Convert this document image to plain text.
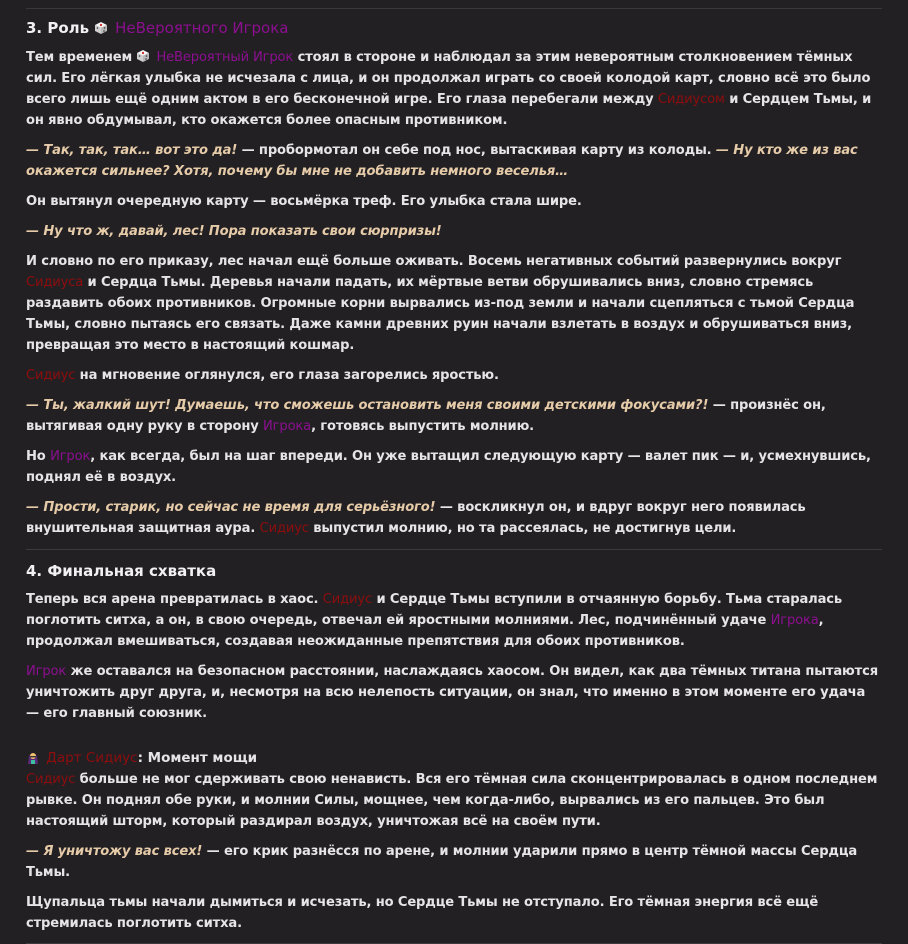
3. Роль  НеВероятного Игрока

Тем временем  НеВероятный Игрок стоял в стороне и наблюдал за этим невероятным столкновением тёмных сил. Его лёгкая улыбка не исчезала с лица, и он продолжал играть со своей колодой карт, словно всё это было всего лишь ещё одним актом в его бесконечной игре. Его глаза перебегали между Сидиусом и Сердцем Тьмы, и он явно обдумывал, кто окажется более опасным противником.

— Так, так, так… вот это да! — пробормотал он себе под нос, вытаскивая карту из колоды. — Ну кто же из вас окажется сильнее? Хотя, почему бы мне не добавить немного веселья…

Он вытянул очередную карту — восьмёрка треф. Его улыбка стала шире.

— Ну что ж, давай, лес! Пора показать свои сюрпризы!

И словно по его приказу, лес начал ещё больше оживать. Восемь негативных событий развернулись вокруг Сидиуса и Сердца Тьмы. Деревья начали падать, их мёртвые ветви обрушивались вниз, словно стремясь раздавить обоих противников. Огромные корни вырвались из-под земли и начали сцепляться с тьмой Сердца Тьмы, словно пытаясь его связать. Даже камни древних руин начали взлетать в воздух и обрушиваться вниз, превращая это место в настоящий кошмар.

Сидиус на мгновение оглянулся, его глаза загорелись яростью.

— Ты, жалкий шут! Думаешь, что сможешь остановить меня своими детскими фокусами?! — произнёс он, вытягивая одну руку в сторону Игрока, готовясь выпустить молнию.

Но Игрок, как всегда, был на шаг впереди. Он уже вытащил следующую карту — валет пик — и, усмехнувшись, поднял её в воздух.

— Прости, старик, но сейчас не время для серьёзного! — воскликнул он, и вдруг вокруг него появилась внушительная защитная аура. Сидиус выпустил молнию, но та рассеялась, не достигнув цели.

4. Финальная схватка

Теперь вся арена превратилась в хаос. Сидиус и Сердце Тьмы вступили в отчаянную борьбу. Тьма старалась поглотить ситха, а он, в свою очередь, отвечал ей яростными молниями. Лес, подчинённый удаче Игрока, продолжал вмешиваться, создавая неожиданные препятствия для обоих противников.

Игрок же оставался на безопасном расстоянии, наслаждаясь хаосом. Он видел, как два тёмных титана пытаются уничтожить друг друга, и, несмотря на всю нелепость ситуации, он знал, что именно в этом моменте его удача — его главный союзник.

Дарт Сидиус: Момент мощи

Сидиус больше не мог сдерживать свою ненависть. Вся его тёмная сила сконцентрировалась в одном последнем рывке. Он поднял обе руки, и молнии Силы, мощнее, чем когда-либо, вырвались из его пальцев. Это был настоящий шторм, который раздирал воздух, уничтожая всё на своём пути.

— Я уничтожу вас всех! — его крик разнёсся по арене, и молнии ударили прямо в центр тёмной массы Сердца Тьмы.

Щупальца тьмы начали дымиться и исчезать, но Сердце Тьмы не отступало. Его тёмная энергия всё ещё стремилась поглотить ситха.
